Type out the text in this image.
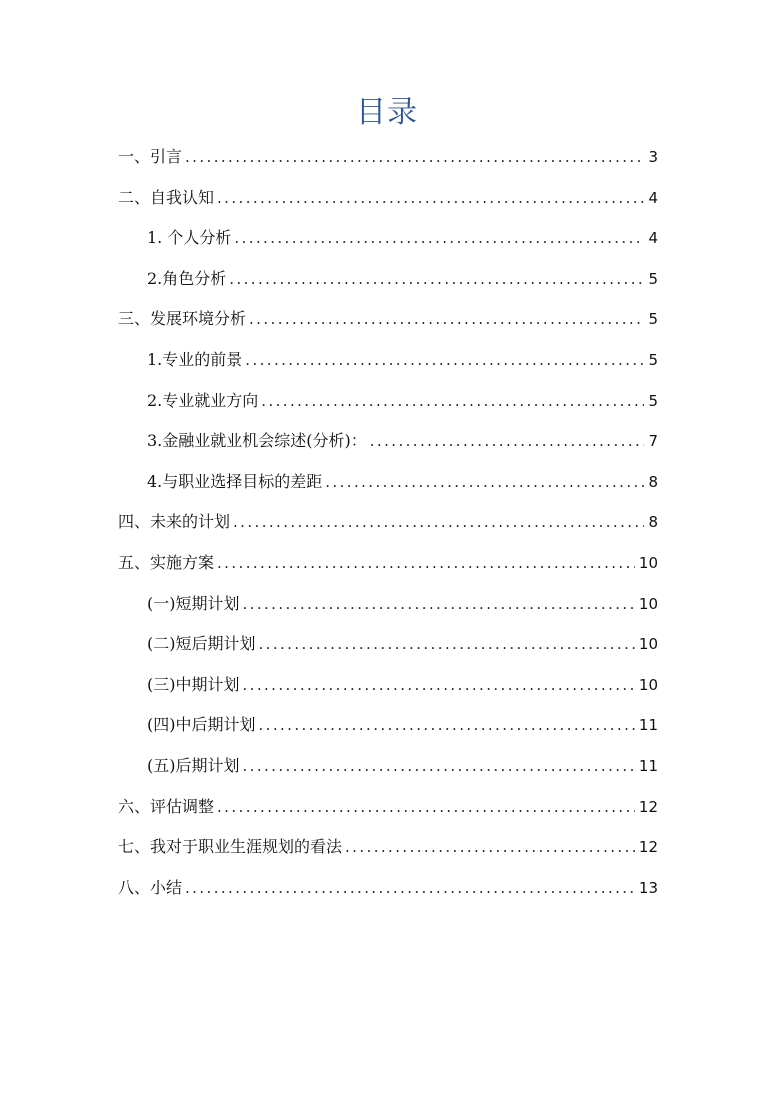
目录
一、引言 .....	3
二、自我认知 .....	4
1. 个人分析 .....	4
2.角色分析 .....	5
三、发展环境分析 .....	5
1.专业的前景 .....	5
2.专业就业方向 .....	5
3.金融业就业机会综述(分析)： .....	7
4.与职业选择目标的差距 .....	8
四、未来的计划 .....	8
五、实施方案 .....	10
(一)短期计划 .....	10
(二)短后期计划 .....	10
(三)中期计划 .....	10
(四)中后期计划 .....	11
(五)后期计划 .....	11
六、评估调整 .....	12
七、我对于职业生涯规划的看法 .....	12
八、小结 .....	13
